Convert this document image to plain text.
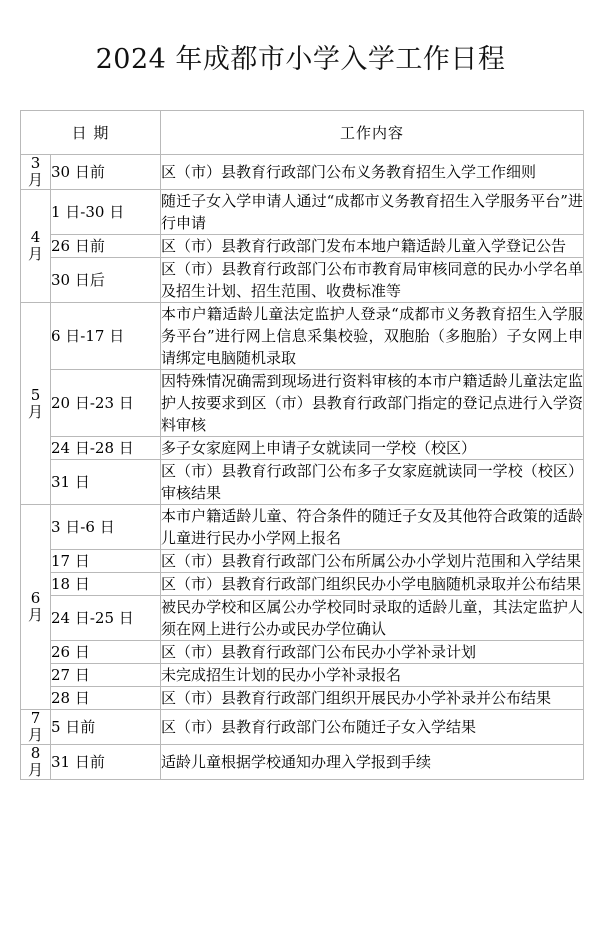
2024 年成都市小学入学工作日程
日 期		工作内容

3
月	30 日前	区（市）县教育行政部门公布义务教育招生入学工作细则

4
月	1 日-30 日	随迁子女入学申请人通过“成都市义务教育招生入学服务平台”进行申请
	26 日前	区（市）县教育行政部门发布本地户籍适龄儿童入学登记公告
	30 日后	区（市）县教育行政部门公布市教育局审核同意的民办小学名单及招生计划、招生范围、收费标准等

5
月	6 日-17 日	本市户籍适龄儿童法定监护人登录“成都市义务教育招生入学服务平台”进行网上信息采集校验，双胞胎（多胞胎）子女网上申请绑定电脑随机录取
	20 日-23 日	因特殊情况确需到现场进行资料审核的本市户籍适龄儿童法定监护人按要求到区（市）县教育行政部门指定的登记点进行入学资料审核
	24 日-28 日	多子女家庭网上申请子女就读同一学校（校区）
	31 日	区（市）县教育行政部门公布多子女家庭就读同一学校（校区）审核结果

6
月	3 日-6 日	本市户籍适龄儿童、符合条件的随迁子女及其他符合政策的适龄儿童进行民办小学网上报名
	17 日	区（市）县教育行政部门公布所属公办小学划片范围和入学结果
	18 日	区（市）县教育行政部门组织民办小学电脑随机录取并公布结果
	24 日-25 日	被民办学校和区属公办学校同时录取的适龄儿童，其法定监护人须在网上进行公办或民办学位确认
	26 日	区（市）县教育行政部门公布民办小学补录计划
	27 日	未完成招生计划的民办小学补录报名
	28 日	区（市）县教育行政部门组织开展民办小学补录并公布结果

7
月	5 日前	区（市）县教育行政部门公布随迁子女入学结果

8
月	31 日前	适龄儿童根据学校通知办理入学报到手续
